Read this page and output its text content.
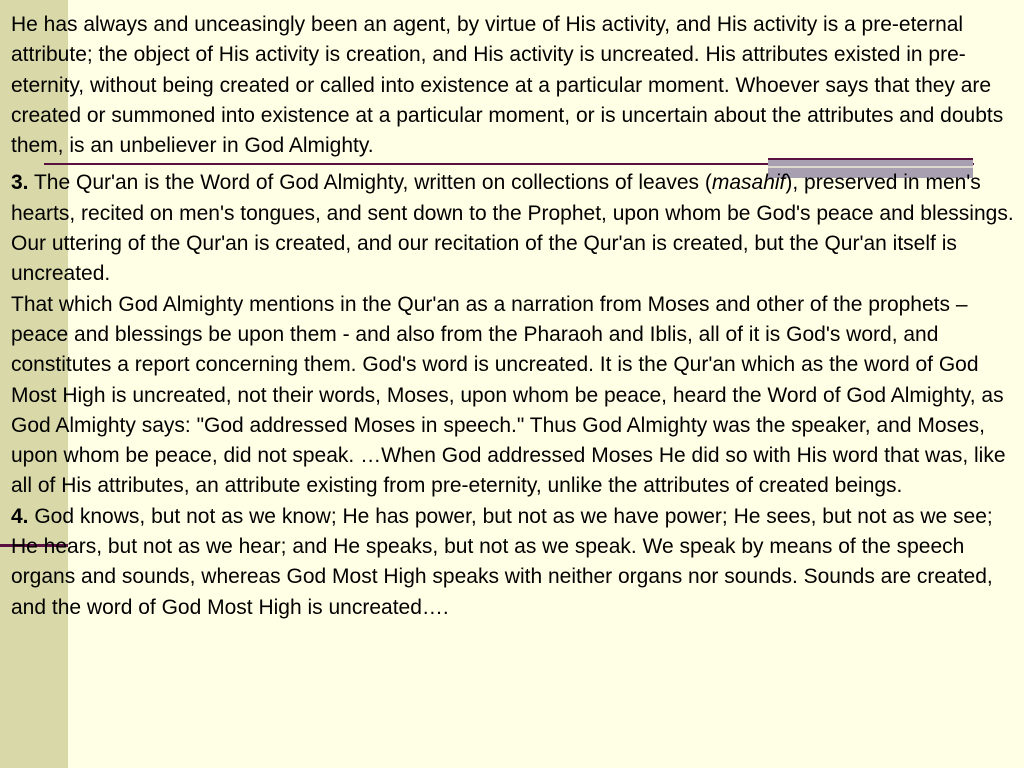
He has always and unceasingly been an agent, by virtue of His activity, and His activity is a pre-eternal attribute; the object of His activity is creation, and His activity is uncreated. His attributes existed in pre-eternity, without being created or called into existence at a particular moment. Whoever says that they are created or summoned into existence at a particular moment, or is uncertain about the attributes and doubts them, is an unbeliever in God Almighty.

3. The Qur'an is the Word of God Almighty, written on collections of leaves (masahif), preserved in men's hearts, recited on men's tongues, and sent down to the Prophet, upon whom be God's peace and blessings. Our uttering of the Qur'an is created, and our recitation of the Qur'an is created, but the Qur'an itself is uncreated.

That which God Almighty mentions in the Qur'an as a narration from Moses and other of the prophets – peace and blessings be upon them - and also from the Pharaoh and Iblis, all of it is God's word, and constitutes a report concerning them. God's word is uncreated. It is the Qur'an which as the word of God Most High is uncreated, not their words, Moses, upon whom be peace, heard the Word of God Almighty, as God Almighty says: "God addressed Moses in speech." Thus God Almighty was the speaker, and Moses, upon whom be peace, did not speak. …When God addressed Moses He did so with His word that was, like all of His attributes, an attribute existing from pre-eternity, unlike the attributes of created beings.

4. God knows, but not as we know; He has power, but not as we have power; He sees, but not as we see; He hears, but not as we hear; and He speaks, but not as we speak. We speak by means of the speech organs and sounds, whereas God Most High speaks with neither organs nor sounds. Sounds are created, and the word of God Most High is uncreated….
